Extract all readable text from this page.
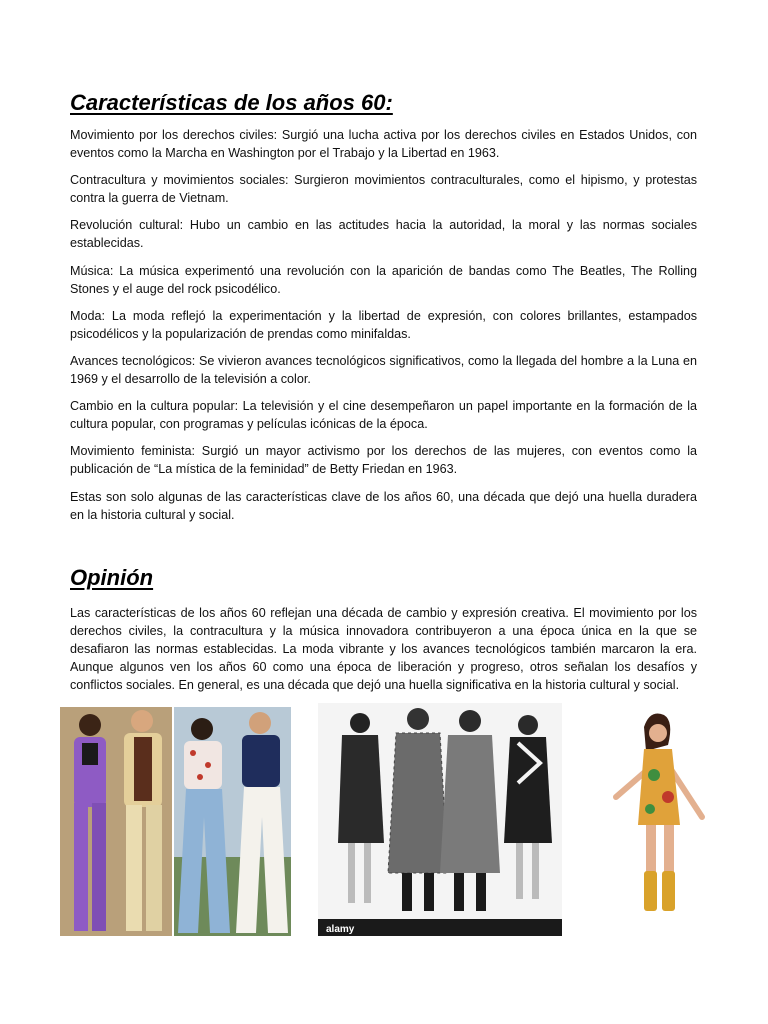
Características de los años 60:

Movimiento por los derechos civiles: Surgió una lucha activa por los derechos civiles en Estados Unidos, con eventos como la Marcha en Washington por el Trabajo y la Libertad en 1963.

Contracultura y movimientos sociales: Surgieron movimientos contraculturales, como el hipismo, y protestas contra la guerra de Vietnam.

Revolución cultural: Hubo un cambio en las actitudes hacia la autoridad, la moral y las normas sociales establecidas.

Música: La música experimentó una revolución con la aparición de bandas como The Beatles, The Rolling Stones y el auge del rock psicodélico.

Moda: La moda reflejó la experimentación y la libertad de expresión, con colores brillantes, estampados psicodélicos y la popularización de prendas como minifaldas.

Avances tecnológicos: Se vivieron avances tecnológicos significativos, como la llegada del hombre a la Luna en 1969 y el desarrollo de la televisión a color.

Cambio en la cultura popular: La televisión y el cine desempeñaron un papel importante en la formación de la cultura popular, con programas y películas icónicas de la época.

Movimiento feminista: Surgió un mayor activismo por los derechos de las mujeres, con eventos como la publicación de “La mística de la feminidad” de Betty Friedan en 1963.

Estas son solo algunas de las características clave de los años 60, una década que dejó una huella duradera en la historia cultural y social.

Opinión

Las características de los años 60 reflejan una década de cambio y expresión creativa. El movimiento por los derechos civiles, la contracultura y la música innovadora contribuyeron a una época única en la que se desafiaron las normas establecidas. La moda vibrante y los avances tecnológicos también marcaron la era. Aunque algunos ven los años 60 como una época de liberación y progreso, otros señalan los desafíos y conflictos sociales. En general, es una década que dejó una huella significativa en la historia cultural y social.

alamy
